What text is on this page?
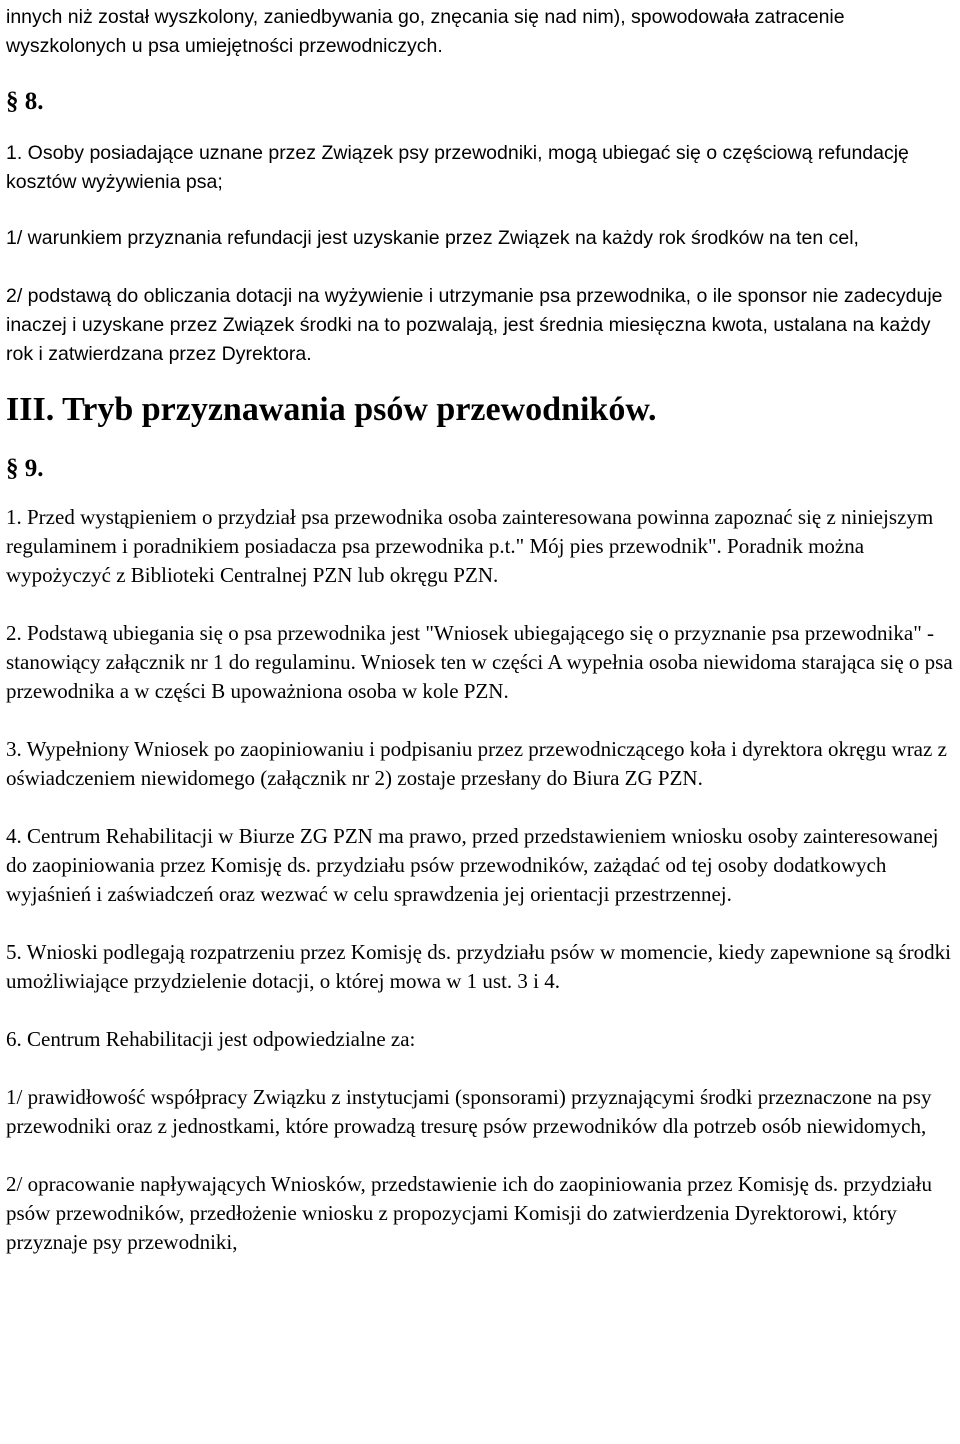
innych niż został wyszkolony, zaniedbywania go, znęcania się nad nim), spowodowała zatracenie wyszkolonych u psa umiejętności przewodniczych.

§ 8.

1. Osoby posiadające uznane przez Związek psy przewodniki, mogą ubiegać się o częściową refundację kosztów wyżywienia psa;

1/ warunkiem przyznania refundacji jest uzyskanie przez Związek na każdy rok środków na ten cel,

2/ podstawą do obliczania dotacji na wyżywienie i utrzymanie psa przewodnika, o ile sponsor nie zadecyduje inaczej i uzyskane przez Związek środki na to pozwalają, jest średnia miesięczna kwota, ustalana na każdy rok i zatwierdzana przez Dyrektora.

III. Tryb przyznawania psów przewodników.
§ 9.

1. Przed wystąpieniem o przydział psa przewodnika osoba zainteresowana powinna zapoznać się z niniejszym regulaminem i poradnikiem posiadacza psa przewodnika p.t." Mój pies przewodnik". Poradnik można wypożyczyć z Biblioteki Centralnej PZN lub okręgu PZN.

2. Podstawą ubiegania się o psa przewodnika jest "Wniosek ubiegającego się o przyznanie psa przewodnika" - stanowiący załącznik nr 1 do regulaminu. Wniosek ten w części A wypełnia osoba niewidoma starająca się o psa przewodnika a w części B upoważniona osoba w kole PZN.

3. Wypełniony Wniosek po zaopiniowaniu i podpisaniu przez przewodniczącego koła i dyrektora okręgu wraz z oświadczeniem niewidomego (załącznik nr 2) zostaje przesłany do Biura ZG PZN.

4. Centrum Rehabilitacji w Biurze ZG PZN ma prawo, przed przedstawieniem wniosku osoby zainteresowanej do zaopiniowania przez Komisję ds. przydziału psów przewodników, zażądać od tej osoby dodatkowych wyjaśnień i zaświadczeń oraz wezwać w celu sprawdzenia jej orientacji przestrzennej.

5. Wnioski podlegają rozpatrzeniu przez Komisję ds. przydziału psów w momencie, kiedy zapewnione są środki umożliwiające przydzielenie dotacji, o której mowa w 1 ust. 3 i 4.

6. Centrum Rehabilitacji jest odpowiedzialne za:

1/ prawidłowość współpracy Związku z instytucjami (sponsorami) przyznającymi środki przeznaczone na psy przewodniki oraz z jednostkami, które prowadzą tresurę psów przewodników dla potrzeb osób niewidomych,

2/ opracowanie napływających Wniosków, przedstawienie ich do zaopiniowania przez Komisję ds. przydziału psów przewodników, przedłożenie wniosku z propozycjami Komisji do zatwierdzenia Dyrektorowi, który przyznaje psy przewodniki,
